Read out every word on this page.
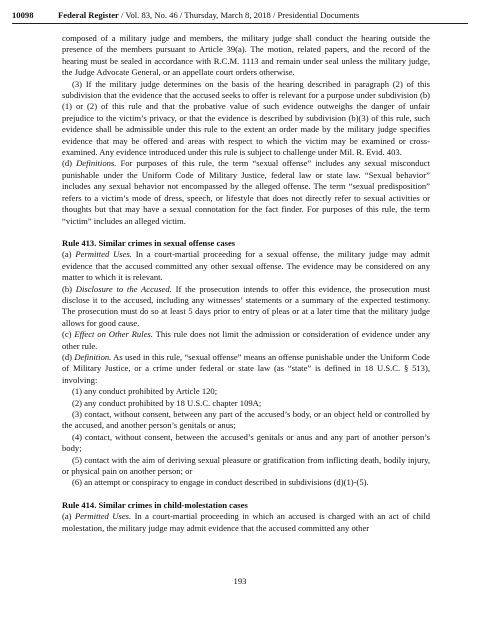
10098	Federal Register / Vol. 83, No. 46 / Thursday, March 8, 2018 / Presidential Documents

composed of a military judge and members, the military judge shall conduct the hearing outside the presence of the members pursuant to Article 39(a). The motion, related papers, and the record of the hearing must be sealed in accordance with R.C.M. 1113 and remain under seal unless the military judge, the Judge Advocate General, or an appellate court orders otherwise.

(3) If the military judge determines on the basis of the hearing described in paragraph (2) of this subdivision that the evidence that the accused seeks to offer is relevant for a purpose under subdivision (b)(1) or (2) of this rule and that the probative value of such evidence outweighs the danger of unfair prejudice to the victim’s privacy, or that the evidence is described by subdivision (b)(3) of this rule, such evidence shall be admissible under this rule to the extent an order made by the military judge specifies evidence that may be offered and areas with respect to which the victim may be examined or cross-examined. Any evidence introduced under this rule is subject to challenge under Mil. R. Evid. 403.

(d) Definitions. For purposes of this rule, the term “sexual offense” includes any sexual misconduct punishable under the Uniform Code of Military Justice, federal law or state law. “Sexual behavior” includes any sexual behavior not encompassed by the alleged offense. The term “sexual predisposition” refers to a victim’s mode of dress, speech, or lifestyle that does not directly refer to sexual activities or thoughts but that may have a sexual connotation for the fact finder. For purposes of this rule, the term “victim” includes an alleged victim.

Rule 413. Similar crimes in sexual offense cases

(a) Permitted Uses. In a court-martial proceeding for a sexual offense, the military judge may admit evidence that the accused committed any other sexual offense. The evidence may be considered on any matter to which it is relevant.

(b) Disclosure to the Accused. If the prosecution intends to offer this evidence, the prosecution must disclose it to the accused, including any witnesses’ statements or a summary of the expected testimony. The prosecution must do so at least 5 days prior to entry of pleas or at a later time that the military judge allows for good cause.

(c) Effect on Other Rules. This rule does not limit the admission or consideration of evidence under any other rule.

(d) Definition. As used in this rule, “sexual offense” means an offense punishable under the Uniform Code of Military Justice, or a crime under federal or state law (as “state” is defined in 18 U.S.C. § 513), involving:

(1) any conduct prohibited by Article 120;

(2) any conduct prohibited by 18 U.S.C. chapter 109A;

(3) contact, without consent, between any part of the accused’s body, or an object held or controlled by the accused, and another person’s genitals or anus;

(4) contact, without consent, between the accused’s genitals or anus and any part of another person’s body;

(5) contact with the aim of deriving sexual pleasure or gratification from inflicting death, bodily injury, or physical pain on another person; or

(6) an attempt or conspiracy to engage in conduct described in subdivisions (d)(1)-(5).

Rule 414. Similar crimes in child-molestation cases

(a) Permitted Uses. In a court-martial proceeding in which an accused is charged with an act of child molestation, the military judge may admit evidence that the accused committed any other

193
